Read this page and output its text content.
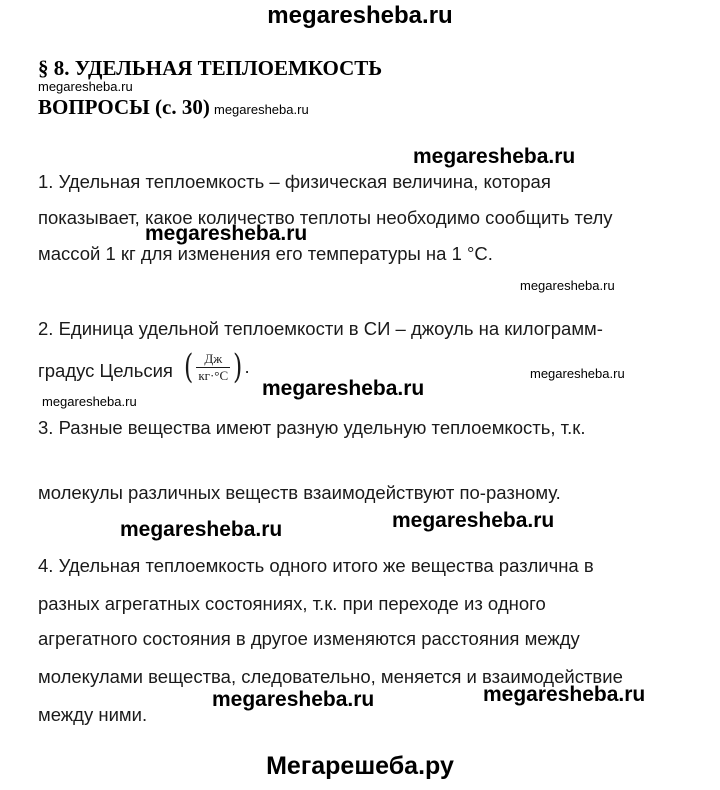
megaresheba.ru
§ 8. УДЕЛЬНАЯ ТЕПЛОЕМКОСТЬ
megaresheba.ru
ВОПРОСЫ (с. 30) megaresheba.ru
megaresheba.ru
megaresheba.ru
megaresheba.ru
megaresheba.ru
megaresheba.ru
megaresheba.ru
megaresheba.ru
megaresheba.ru
megaresheba.ru	megaresheba.ru
1. Удельная теплоемкость – физическая величина, которая
показывает, какое количество теплоты необходимо сообщить телу
массой 1 кг для изменения его температуры на 1 °С.
2. Единица удельной теплоемкости в СИ – джоуль на килограмм-
градус Цельсия ( $\frac{Дж}{кг\cdot^\circ С}$ ) .
3. Разные вещества имеют разную удельную теплоемкость, т.к.
молекулы различных веществ взаимодействуют по-разному.
4. Удельная теплоемкость одного итого же вещества различна в
разных агрегатных состояниях, т.к. при переходе из одного
агрегатного состояния в другое изменяются расстояния между
молекулами вещества, следовательно, меняется и взаимодействие
между ними.
Мегарешеба.ру
